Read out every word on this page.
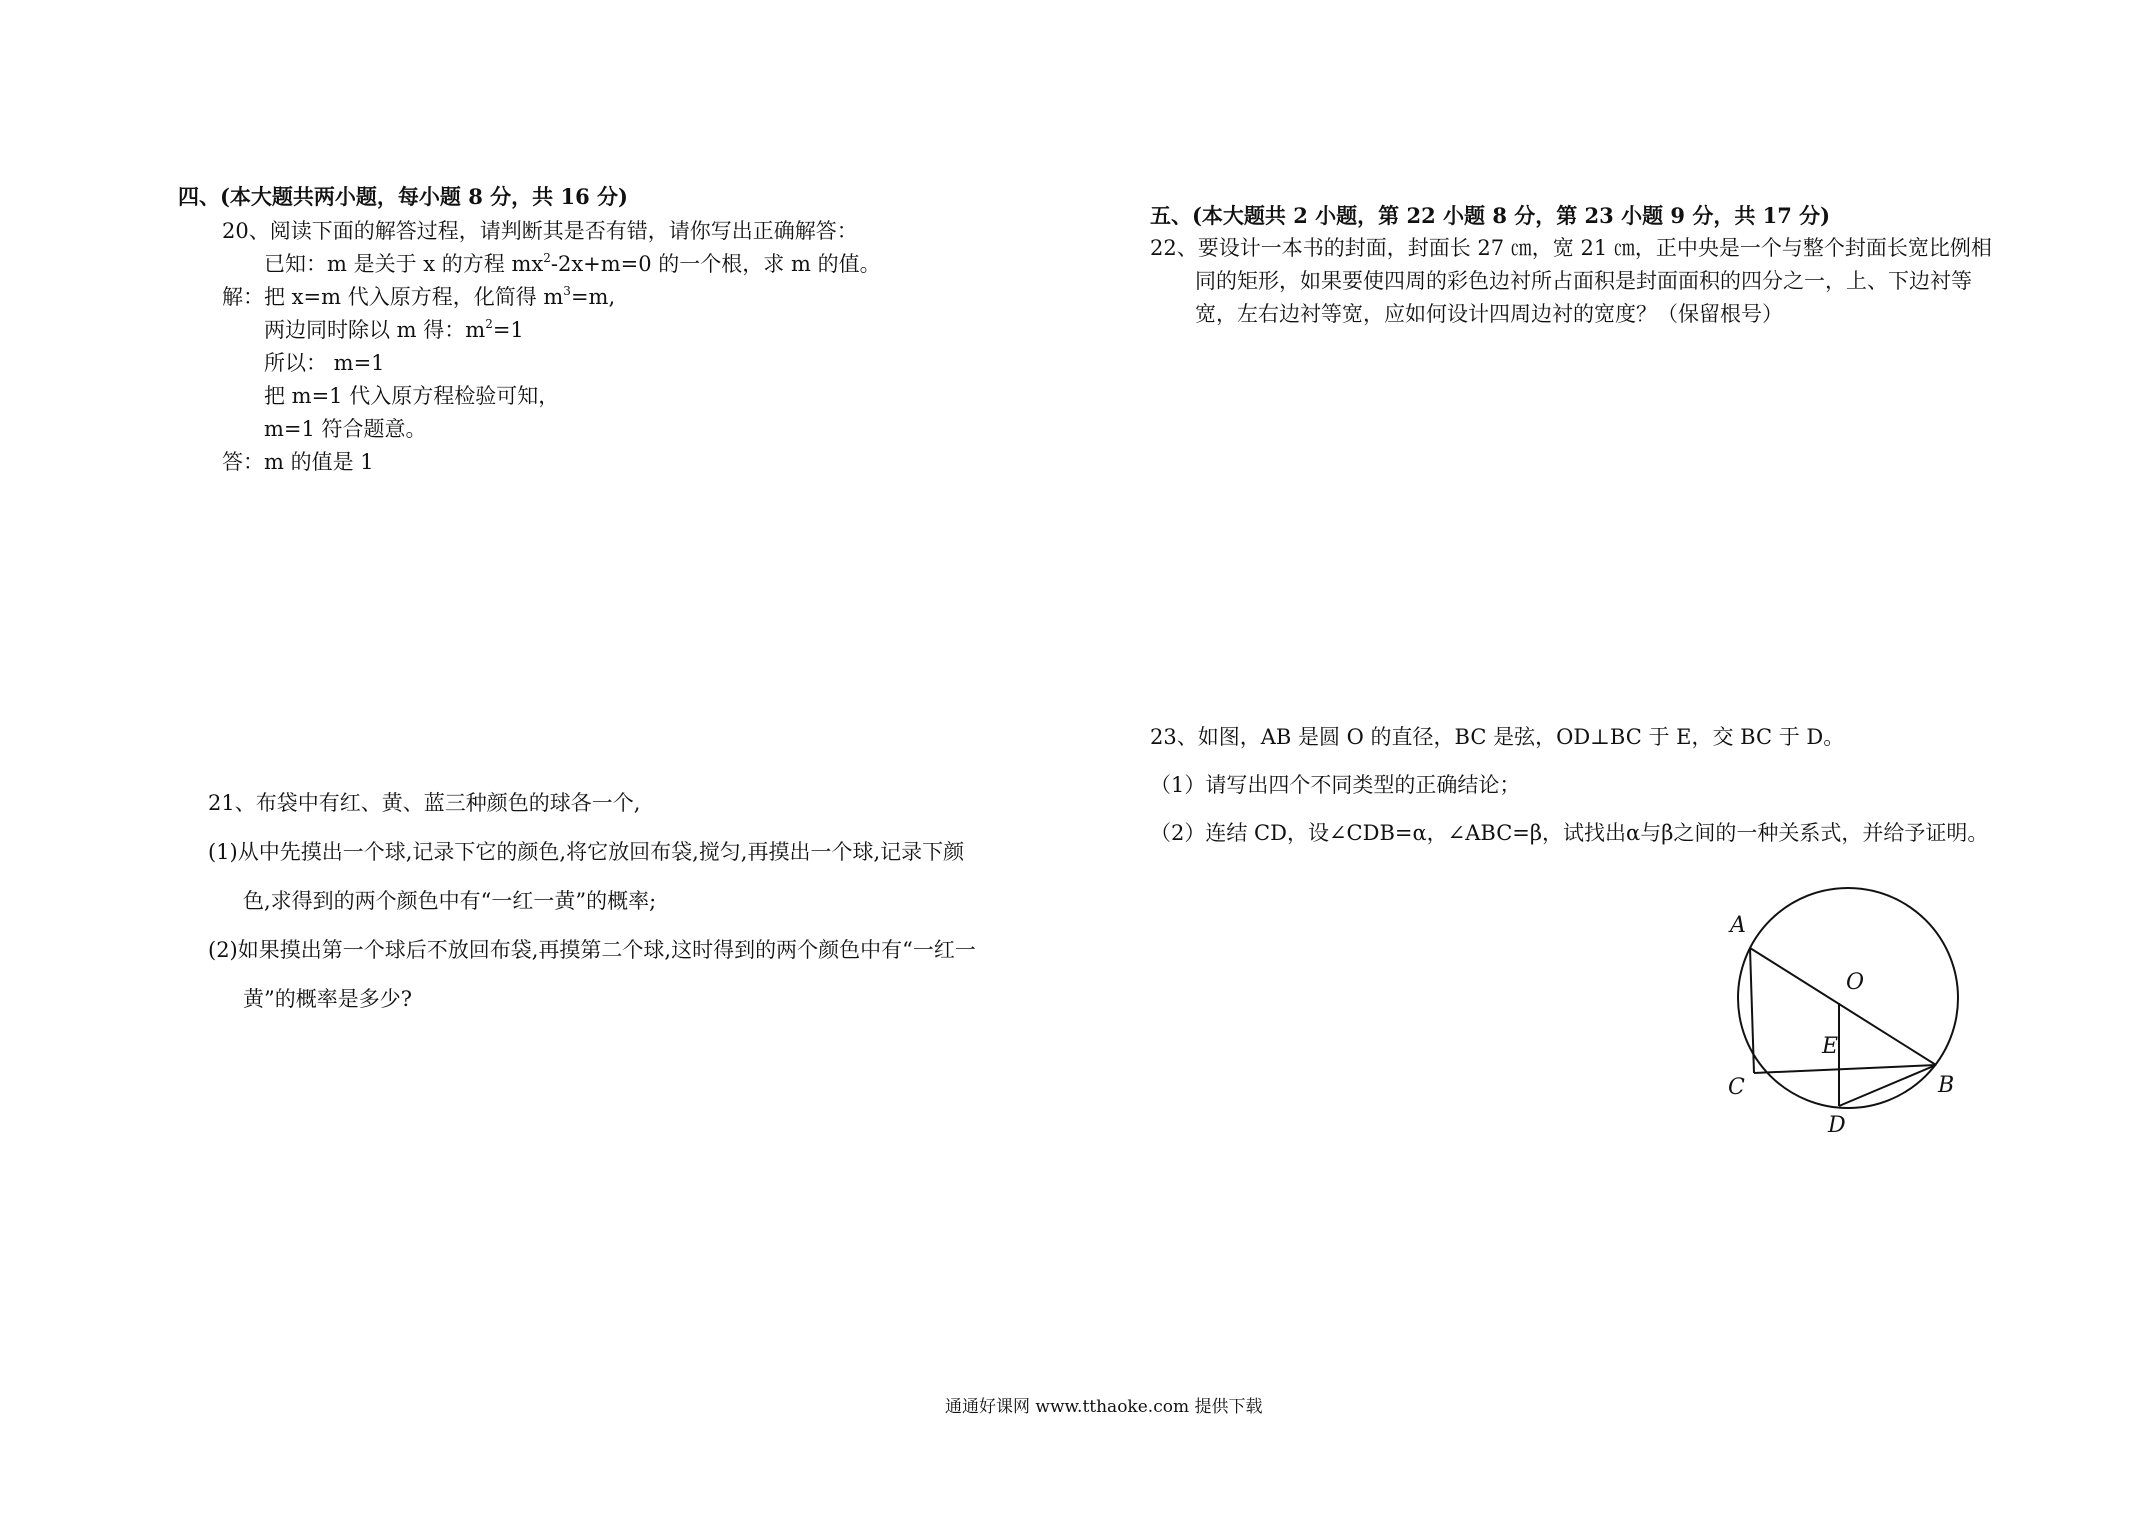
四、(本大题共两小题，每小题 8 分，共 16 分)
20、阅读下面的解答过程，请判断其是否有错，请你写出正确解答：
已知：m 是关于 x 的方程 $mx^2-2x+m=0$ 的一个根，求 m 的值。
解：把 x=m 代入原方程，化简得 $m^3=m$,
两边同时除以 m 得：$m^2=1$
所以： m=1
把 m=1 代入原方程检验可知，
m=1 符合题意。
答：m 的值是 1
21、布袋中有红、黄、蓝三种颜色的球各一个,
(1)从中先摸出一个球,记录下它的颜色,将它放回布袋,搅匀,再摸出一个球,记录下颜
色,求得到的两个颜色中有“一红一黄”的概率;
(2)如果摸出第一个球后不放回布袋,再摸第二个球,这时得到的两个颜色中有“一红一
黄”的概率是多少?
五、(本大题共 2 小题，第 22 小题 8 分，第 23 小题 9 分，共 17 分)
22、要设计一本书的封面，封面长 27 ㎝，宽 21 ㎝，正中央是一个与整个封面长宽比例相
同的矩形，如果要使四周的彩色边衬所占面积是封面面积的四分之一，上、下边衬等
宽，左右边衬等宽，应如何设计四周边衬的宽度？（保留根号）
23、如图，AB 是圆 O 的直径，BC 是弦，OD⊥BC 于 E，交 BC 于 D。
（1）请写出四个不同类型的正确结论；
（2）连结 CD，设∠CDB=α，∠ABC=β，试找出α与β之间的一种关系式，并给予证明。
A
O
E
C	B
D
通通好课网 www.tthaoke.com 提供下载
